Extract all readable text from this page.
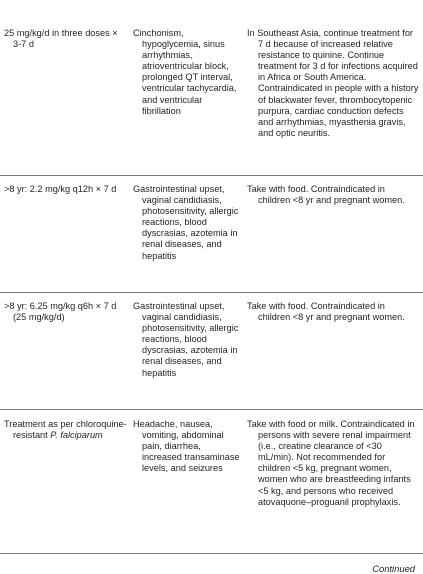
25 mg/kg/d in three doses × 3-7 d
Cinchonism, hypoglycemia, sinus arrhythmias, atrioventricular block, prolonged QT interval, ventricular tachycardia, and ventricular fibrillation
In Southeast Asia, continue treatment for 7 d because of increased relative resistance to quinine. Continue treatment for 3 d for infections acquired in Africa or South America. Contraindicated in people with a history of blackwater fever, thrombocytopenic purpura, cardiac conduction defects and arrhythmias, myasthenia gravis, and optic neuritis.
>8 yr: 2.2 mg/kg q12h × 7 d	Gastrointestinal upset, vaginal candidiasis, photosensitivity, allergic reactions, blood dyscrasias, azotemia in renal diseases, and hepatitis
Take with food. Contraindicated in children <8 yr and pregnant women.
>8 yr: 6.25 mg/kg q6h × 7 d (25 mg/kg/d)
Gastrointestinal upset, vaginal candidiasis, photosensitivity, allergic reactions, blood dyscrasias, azotemia in renal diseases, and hepatitis
Take with food. Contraindicated in children <8 yr and pregnant women.
Treatment as per chloroquine-resistant P. falciparum
Headache, nausea, vomiting, abdominal pain, diarrhea, increased transaminase levels, and seizures
Take with food or milk. Contraindicated in persons with severe renal impairment (i.e., creatine clearance of <30 mL/min). Not recommended for children <5 kg, pregnant women, women who are breastfeeding infants <5 kg, and persons who received atovaquone–proguanil prophylaxis.
Continued
